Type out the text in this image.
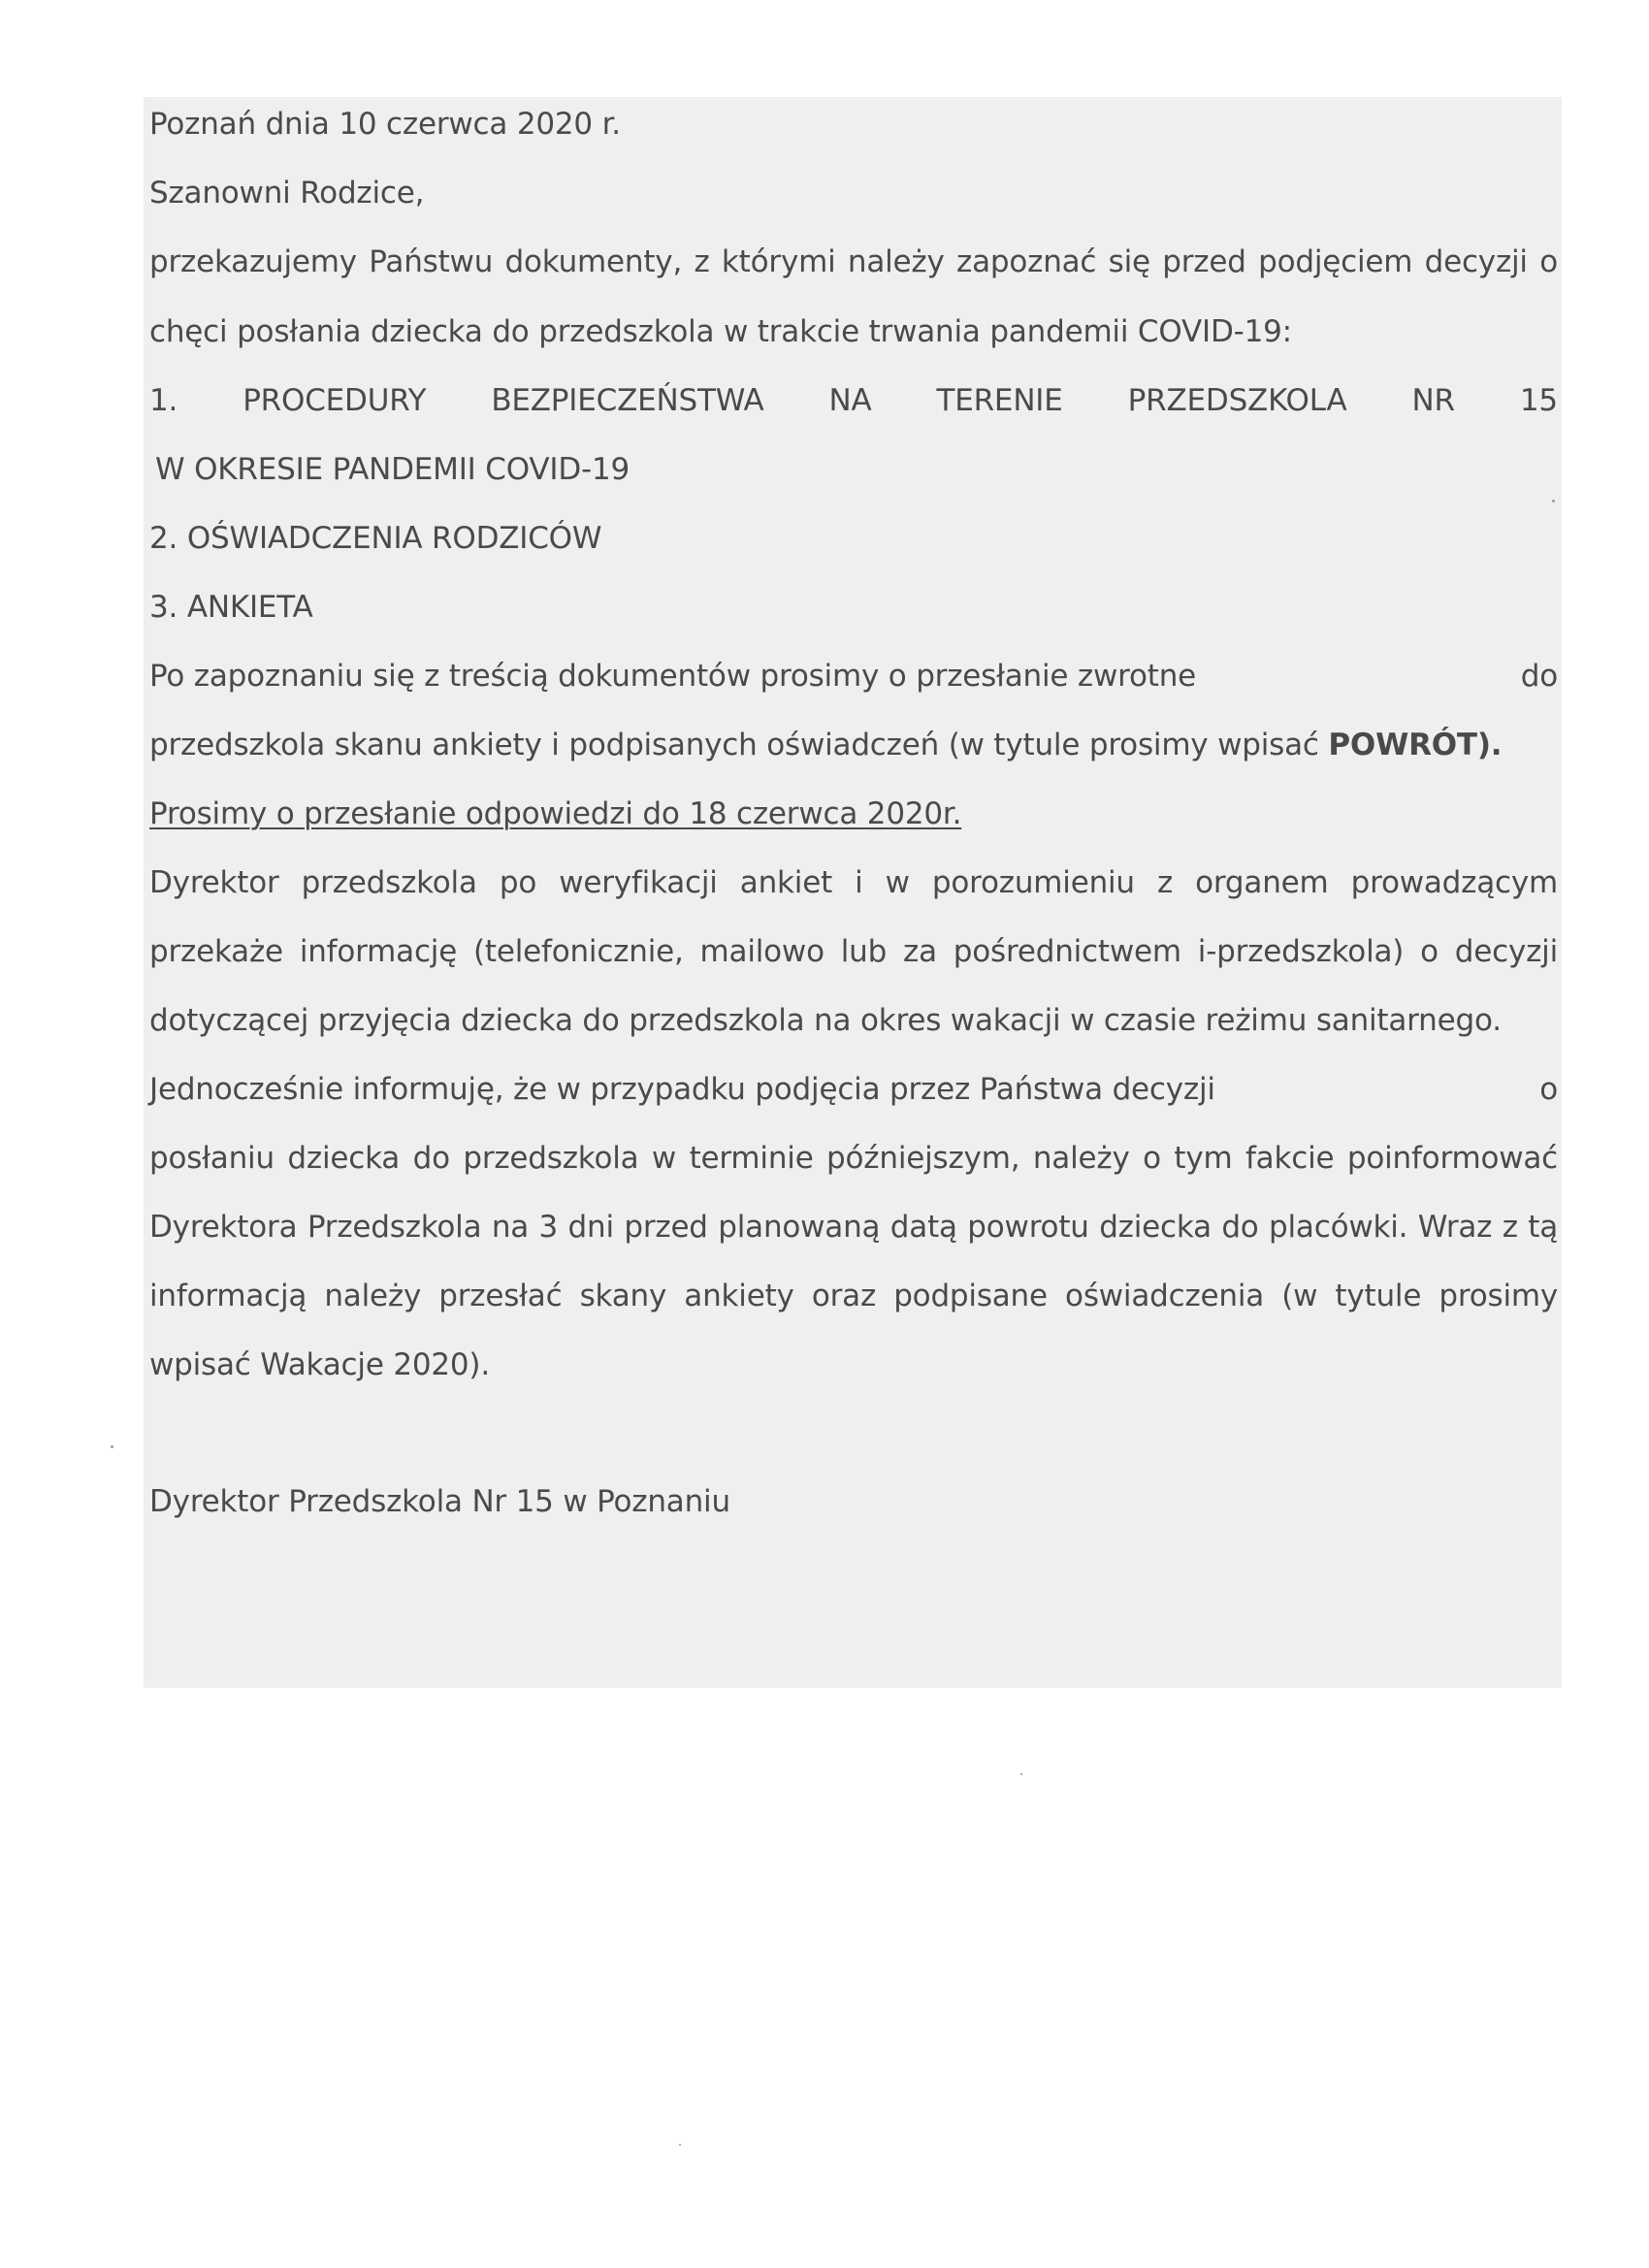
Poznań dnia 10 czerwca 2020 r.
Szanowni Rodzice,
przekazujemy Państwu dokumenty, z którymi należy zapoznać się przed podjęciem decyzji o
chęci posłania dziecka do przedszkola w trakcie trwania pandemii COVID-19:
1. PROCEDURY BEZPIECZEŃSTWA NA TERENIE PRZEDSZKOLA NR 15
W OKRESIE PANDEMII COVID-19
2. OŚWIADCZENIA RODZICÓW
3. ANKIETA
Po zapoznaniu się z treścią dokumentów prosimy o przesłanie zwrotne	do
przedszkola skanu ankiety i podpisanych oświadczeń (w tytule prosimy wpisać POWRÓT).
Prosimy o przesłanie odpowiedzi do 18 czerwca 2020r.
Dyrektor przedszkola po weryfikacji ankiet i w porozumieniu z organem prowadzącym
przekaże informację (telefonicznie, mailowo lub za pośrednictwem i-przedszkola) o decyzji
dotyczącej przyjęcia dziecka do przedszkola na okres wakacji w czasie reżimu sanitarnego.
Jednocześnie informuję, że w przypadku podjęcia przez Państwa decyzji	o
posłaniu dziecka do przedszkola w terminie późniejszym, należy o tym fakcie poinformować
Dyrektora Przedszkola na 3 dni przed planowaną datą powrotu dziecka do placówki. Wraz z tą
informacją należy przesłać skany ankiety oraz podpisane oświadczenia (w tytule prosimy
wpisać Wakacje 2020).
Dyrektor Przedszkola Nr 15 w Poznaniu
